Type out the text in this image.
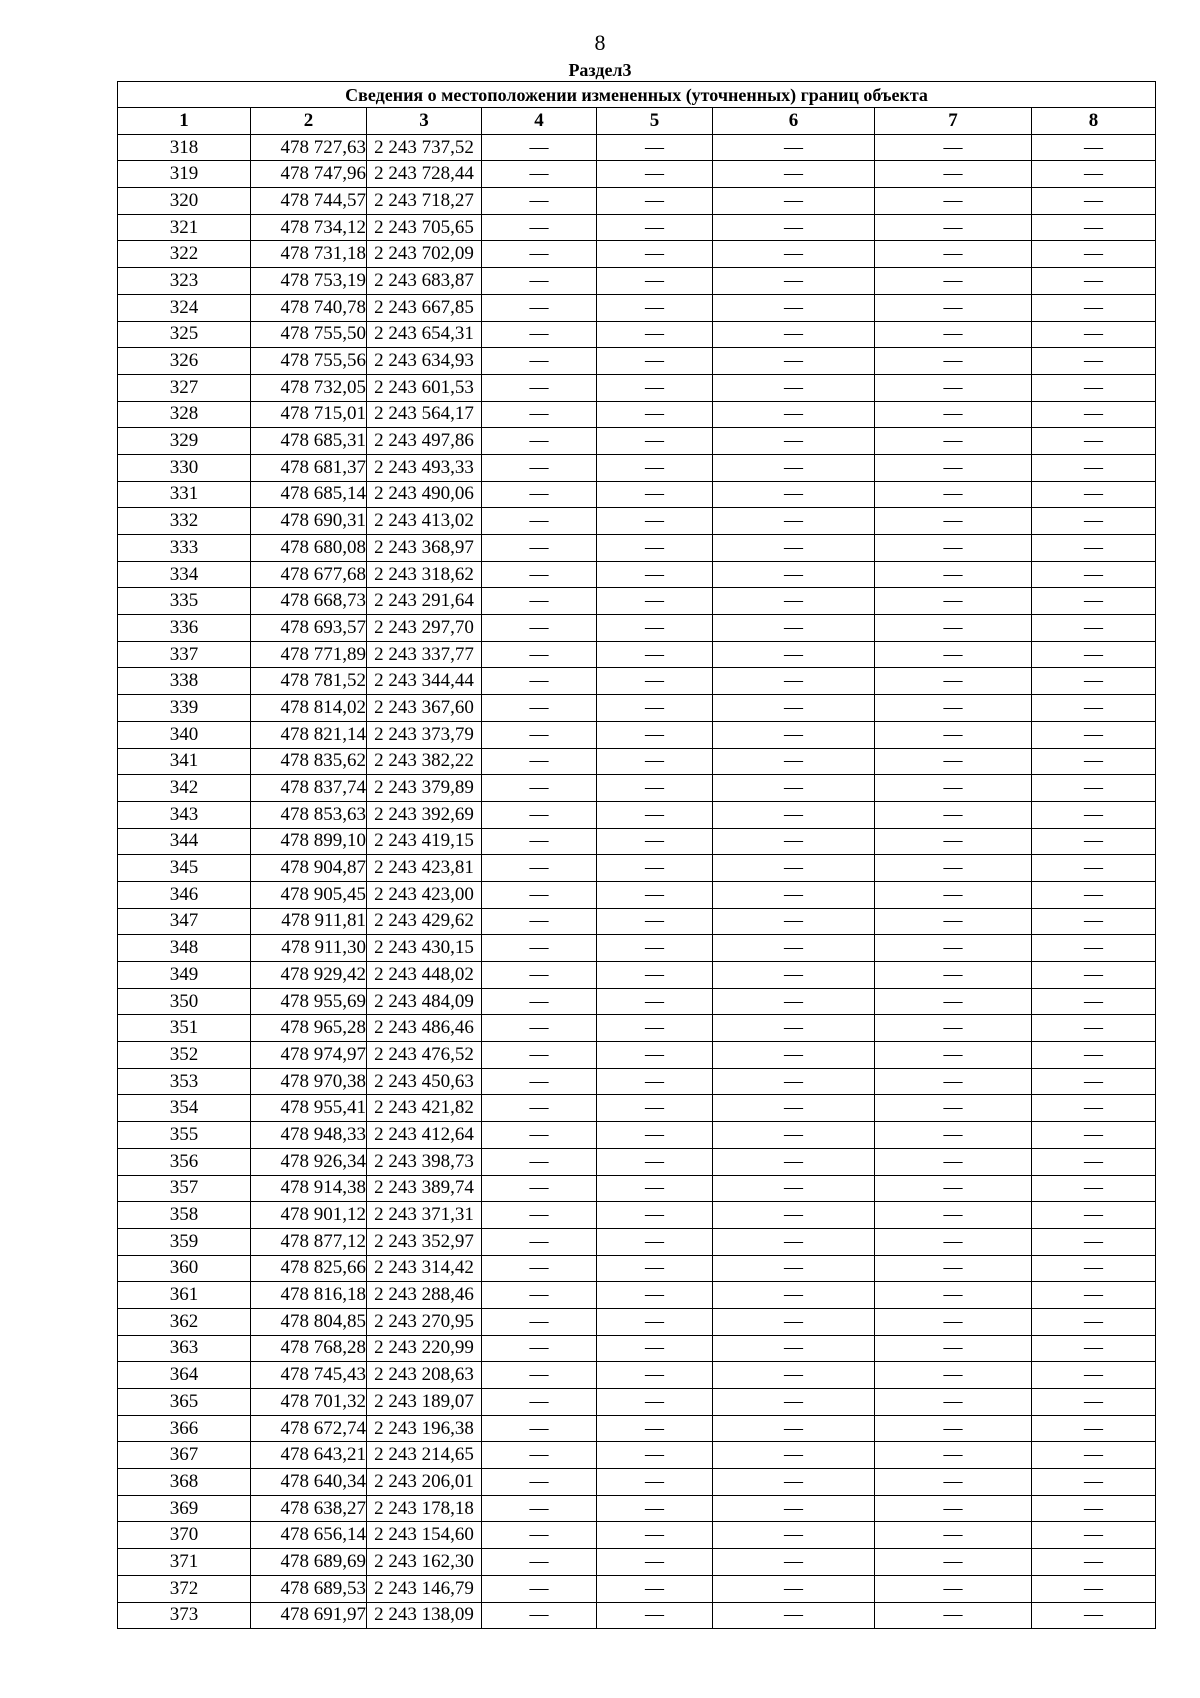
8
Раздел3
Сведения о местоположении измененных (уточненных) границ объекта							
1	2	3	4	5	6	7	8
318	478 727,63	2 243 737,52	—	—	—	—	—
319	478 747,96	2 243 728,44	—	—	—	—	—
320	478 744,57	2 243 718,27	—	—	—	—	—
321	478 734,12	2 243 705,65	—	—	—	—	—
322	478 731,18	2 243 702,09	—	—	—	—	—
323	478 753,19	2 243 683,87	—	—	—	—	—
324	478 740,78	2 243 667,85	—	—	—	—	—
325	478 755,50	2 243 654,31	—	—	—	—	—
326	478 755,56	2 243 634,93	—	—	—	—	—
327	478 732,05	2 243 601,53	—	—	—	—	—
328	478 715,01	2 243 564,17	—	—	—	—	—
329	478 685,31	2 243 497,86	—	—	—	—	—
330	478 681,37	2 243 493,33	—	—	—	—	—
331	478 685,14	2 243 490,06	—	—	—	—	—
332	478 690,31	2 243 413,02	—	—	—	—	—
333	478 680,08	2 243 368,97	—	—	—	—	—
334	478 677,68	2 243 318,62	—	—	—	—	—
335	478 668,73	2 243 291,64	—	—	—	—	—
336	478 693,57	2 243 297,70	—	—	—	—	—
337	478 771,89	2 243 337,77	—	—	—	—	—
338	478 781,52	2 243 344,44	—	—	—	—	—
339	478 814,02	2 243 367,60	—	—	—	—	—
340	478 821,14	2 243 373,79	—	—	—	—	—
341	478 835,62	2 243 382,22	—	—	—	—	—
342	478 837,74	2 243 379,89	—	—	—	—	—
343	478 853,63	2 243 392,69	—	—	—	—	—
344	478 899,10	2 243 419,15	—	—	—	—	—
345	478 904,87	2 243 423,81	—	—	—	—	—
346	478 905,45	2 243 423,00	—	—	—	—	—
347	478 911,81	2 243 429,62	—	—	—	—	—
348	478 911,30	2 243 430,15	—	—	—	—	—
349	478 929,42	2 243 448,02	—	—	—	—	—
350	478 955,69	2 243 484,09	—	—	—	—	—
351	478 965,28	2 243 486,46	—	—	—	—	—
352	478 974,97	2 243 476,52	—	—	—	—	—
353	478 970,38	2 243 450,63	—	—	—	—	—
354	478 955,41	2 243 421,82	—	—	—	—	—
355	478 948,33	2 243 412,64	—	—	—	—	—
356	478 926,34	2 243 398,73	—	—	—	—	—
357	478 914,38	2 243 389,74	—	—	—	—	—
358	478 901,12	2 243 371,31	—	—	—	—	—
359	478 877,12	2 243 352,97	—	—	—	—	—
360	478 825,66	2 243 314,42	—	—	—	—	—
361	478 816,18	2 243 288,46	—	—	—	—	—
362	478 804,85	2 243 270,95	—	—	—	—	—
363	478 768,28	2 243 220,99	—	—	—	—	—
364	478 745,43	2 243 208,63	—	—	—	—	—
365	478 701,32	2 243 189,07	—	—	—	—	—
366	478 672,74	2 243 196,38	—	—	—	—	—
367	478 643,21	2 243 214,65	—	—	—	—	—
368	478 640,34	2 243 206,01	—	—	—	—	—
369	478 638,27	2 243 178,18	—	—	—	—	—
370	478 656,14	2 243 154,60	—	—	—	—	—
371	478 689,69	2 243 162,30	—	—	—	—	—
372	478 689,53	2 243 146,79	—	—	—	—	—
373	478 691,97	2 243 138,09	—	—	—	—	—
